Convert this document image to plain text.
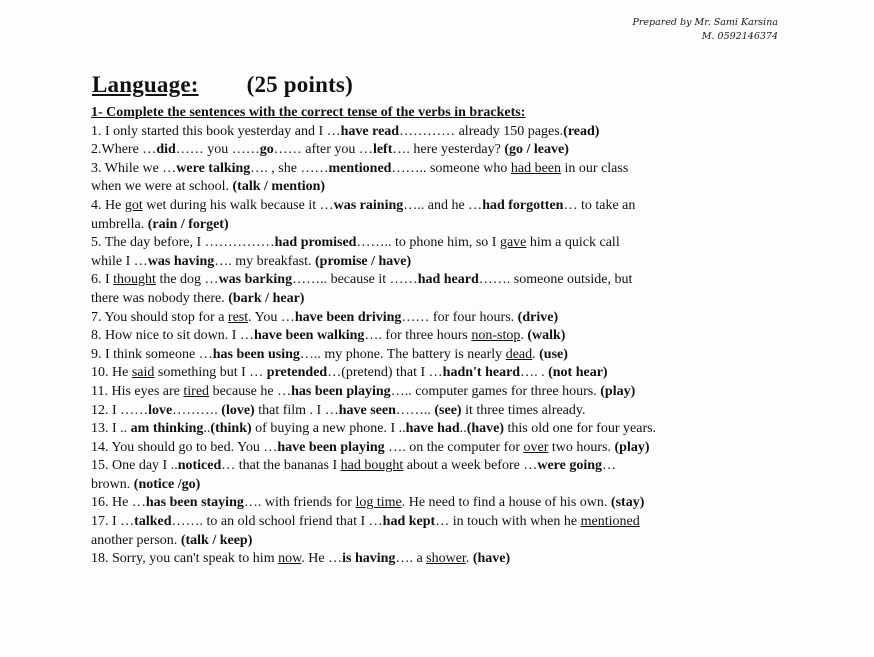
Prepared by Mr. Sami Karsina
M. 0592146374
Language: (25 points)
1- Complete the sentences with the correct tense of the verbs in brackets:
1. I only started this book yesterday and I …have read………… already 150 pages.(read)
2.Where …did…… you ……go…… after you …left…. here yesterday? (go / leave)
3. While we …were talking…. , she ……mentioned…….. someone who had been in our class
when we were at school. (talk / mention)
4. He got wet during his walk because it …was raining….. and he …had forgotten… to take an
umbrella. (rain / forget)
5. The day before, I ……………had promised…….. to phone him, so I gave him a quick call
while I …was having…. my breakfast. (promise / have)
6. I thought the dog …was barking…….. because it ……had heard……. someone outside, but
there was nobody there. (bark / hear)
7. You should stop for a rest. You …have been driving…… for four hours. (drive)
8. How nice to sit down. I …have been walking…. for three hours non-stop. (walk)
9. I think someone …has been using….. my phone. The battery is nearly dead. (use)
10. He said something but I … pretended…(pretend) that I …hadn't heard…. . (not hear)
11. His eyes are tired because he …has been playing….. computer games for three hours. (play)
12. I ……love………. (love) that film . I …have seen…….. (see) it three times already.
13. I .. am thinking..(think) of buying a new phone. I ..have had..(have) this old one for four years.
14. You should go to bed. You …have been playing …. on the computer for over two hours. (play)
15. One day I ..noticed… that the bananas I had bought about a week before …were going…
brown. (notice /go)
16. He …has been staying…. with friends for log time. He need to find a house of his own. (stay)
17. I …talked……. to an old school friend that I …had kept… in touch with when he mentioned
another person. (talk / keep)
18. Sorry, you can't speak to him now. He …is having…. a shower. (have)
